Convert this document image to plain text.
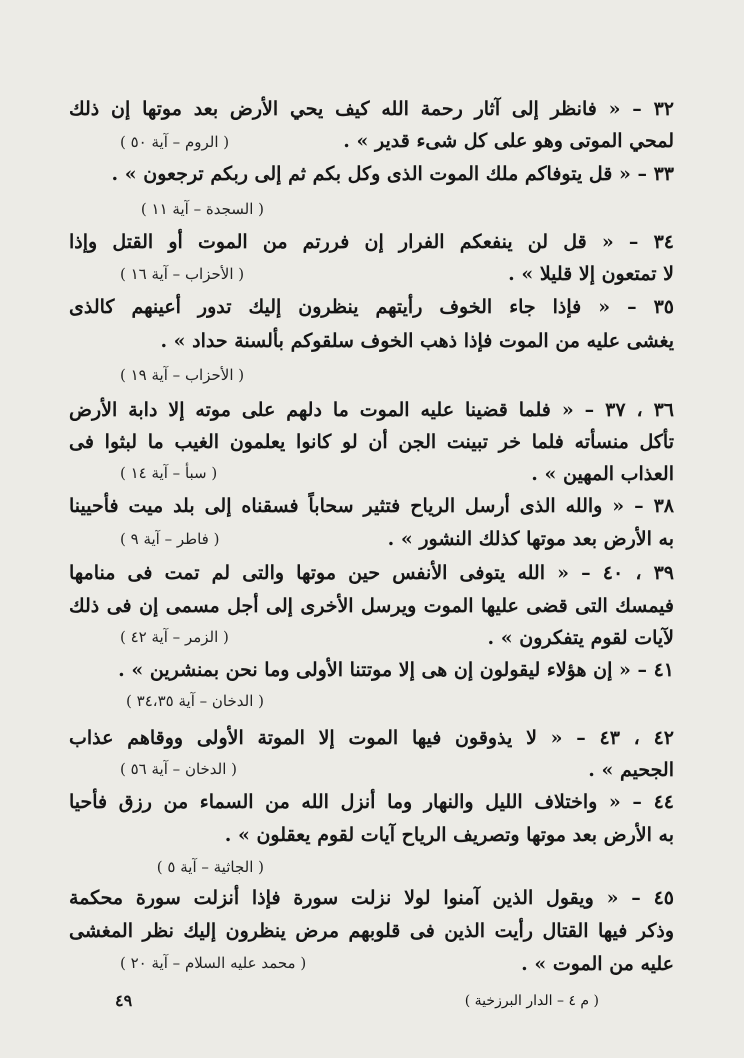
٣٢ – « فانظر إلى آثار رحمة الله كيف يحي الأرض بعد موتها إن ذلك
لمحي الموتى وهو على كل شىء قدير » .
( الروم – آية ٥٠ )
٣٣ – « قل يتوفاكم ملك الموت الذى وكل بكم ثم إلى ربكم ترجعون » .
( السجدة – آية ١١ )
٣٤ – « قل لن ينفعكم الفرار إن فررتم من الموت أو القتل وإذا
لا تمتعون إلا قليلا » .
( الأحزاب – آية ١٦ )
٣٥ – « فإذا جاء الخوف رأيتهم ينظرون إليك تدور أعينهم كالذى
يغشى عليه من الموت فإذا ذهب الخوف سلقوكم بألسنة حداد » .
( الأحزاب – آية ١٩ )
٣٦ ، ٣٧ – « فلما قضينا عليه الموت ما دلهم على موته إلا دابة الأرض
تأكل منسأته فلما خر تبينت الجن أن لو كانوا يعلمون الغيب ما لبثوا فى
العذاب المهين » .
( سبأ – آية ١٤ )
٣٨ – « والله الذى أرسل الرياح فتثير سحاباً فسقناه إلى بلد ميت فأحيينا
به الأرض بعد موتها كذلك النشور » .
( فاطر – آية ٩ )
٣٩ ، ٤٠ – « الله يتوفى الأنفس حين موتها والتى لم تمت فى منامها
فيمسك التى قضى عليها الموت ويرسل الأخرى إلى أجل مسمى إن فى ذلك
لآيات لقوم يتفكرون » .
( الزمر – آية ٤٢ )
٤١ – « إن هؤلاء ليقولون إن هى إلا موتتنا الأولى وما نحن بمنشرين » .
( الدخان – آية ٣٤،٣٥ )
٤٢ ، ٤٣ – « لا يذوقون فيها الموت إلا الموتة الأولى ووقاهم عذاب
الجحيم » .
( الدخان – آية ٥٦ )
٤٤ – « واختلاف الليل والنهار وما أنزل الله من السماء من رزق فأحيا
به الأرض بعد موتها وتصريف الرياح آيات لقوم يعقلون » .
( الجاثية – آية ٥ )
٤٥ – « ويقول الذين آمنوا لولا نزلت سورة فإذا أنزلت سورة محكمة
وذكر فيها القتال رأيت الذين فى قلوبهم مرض ينظرون إليك نظر المغشى
عليه من الموت » .
( محمد عليه السلام – آية ٢٠ )
٤٩	( م ٤ – الدار البرزخية )
